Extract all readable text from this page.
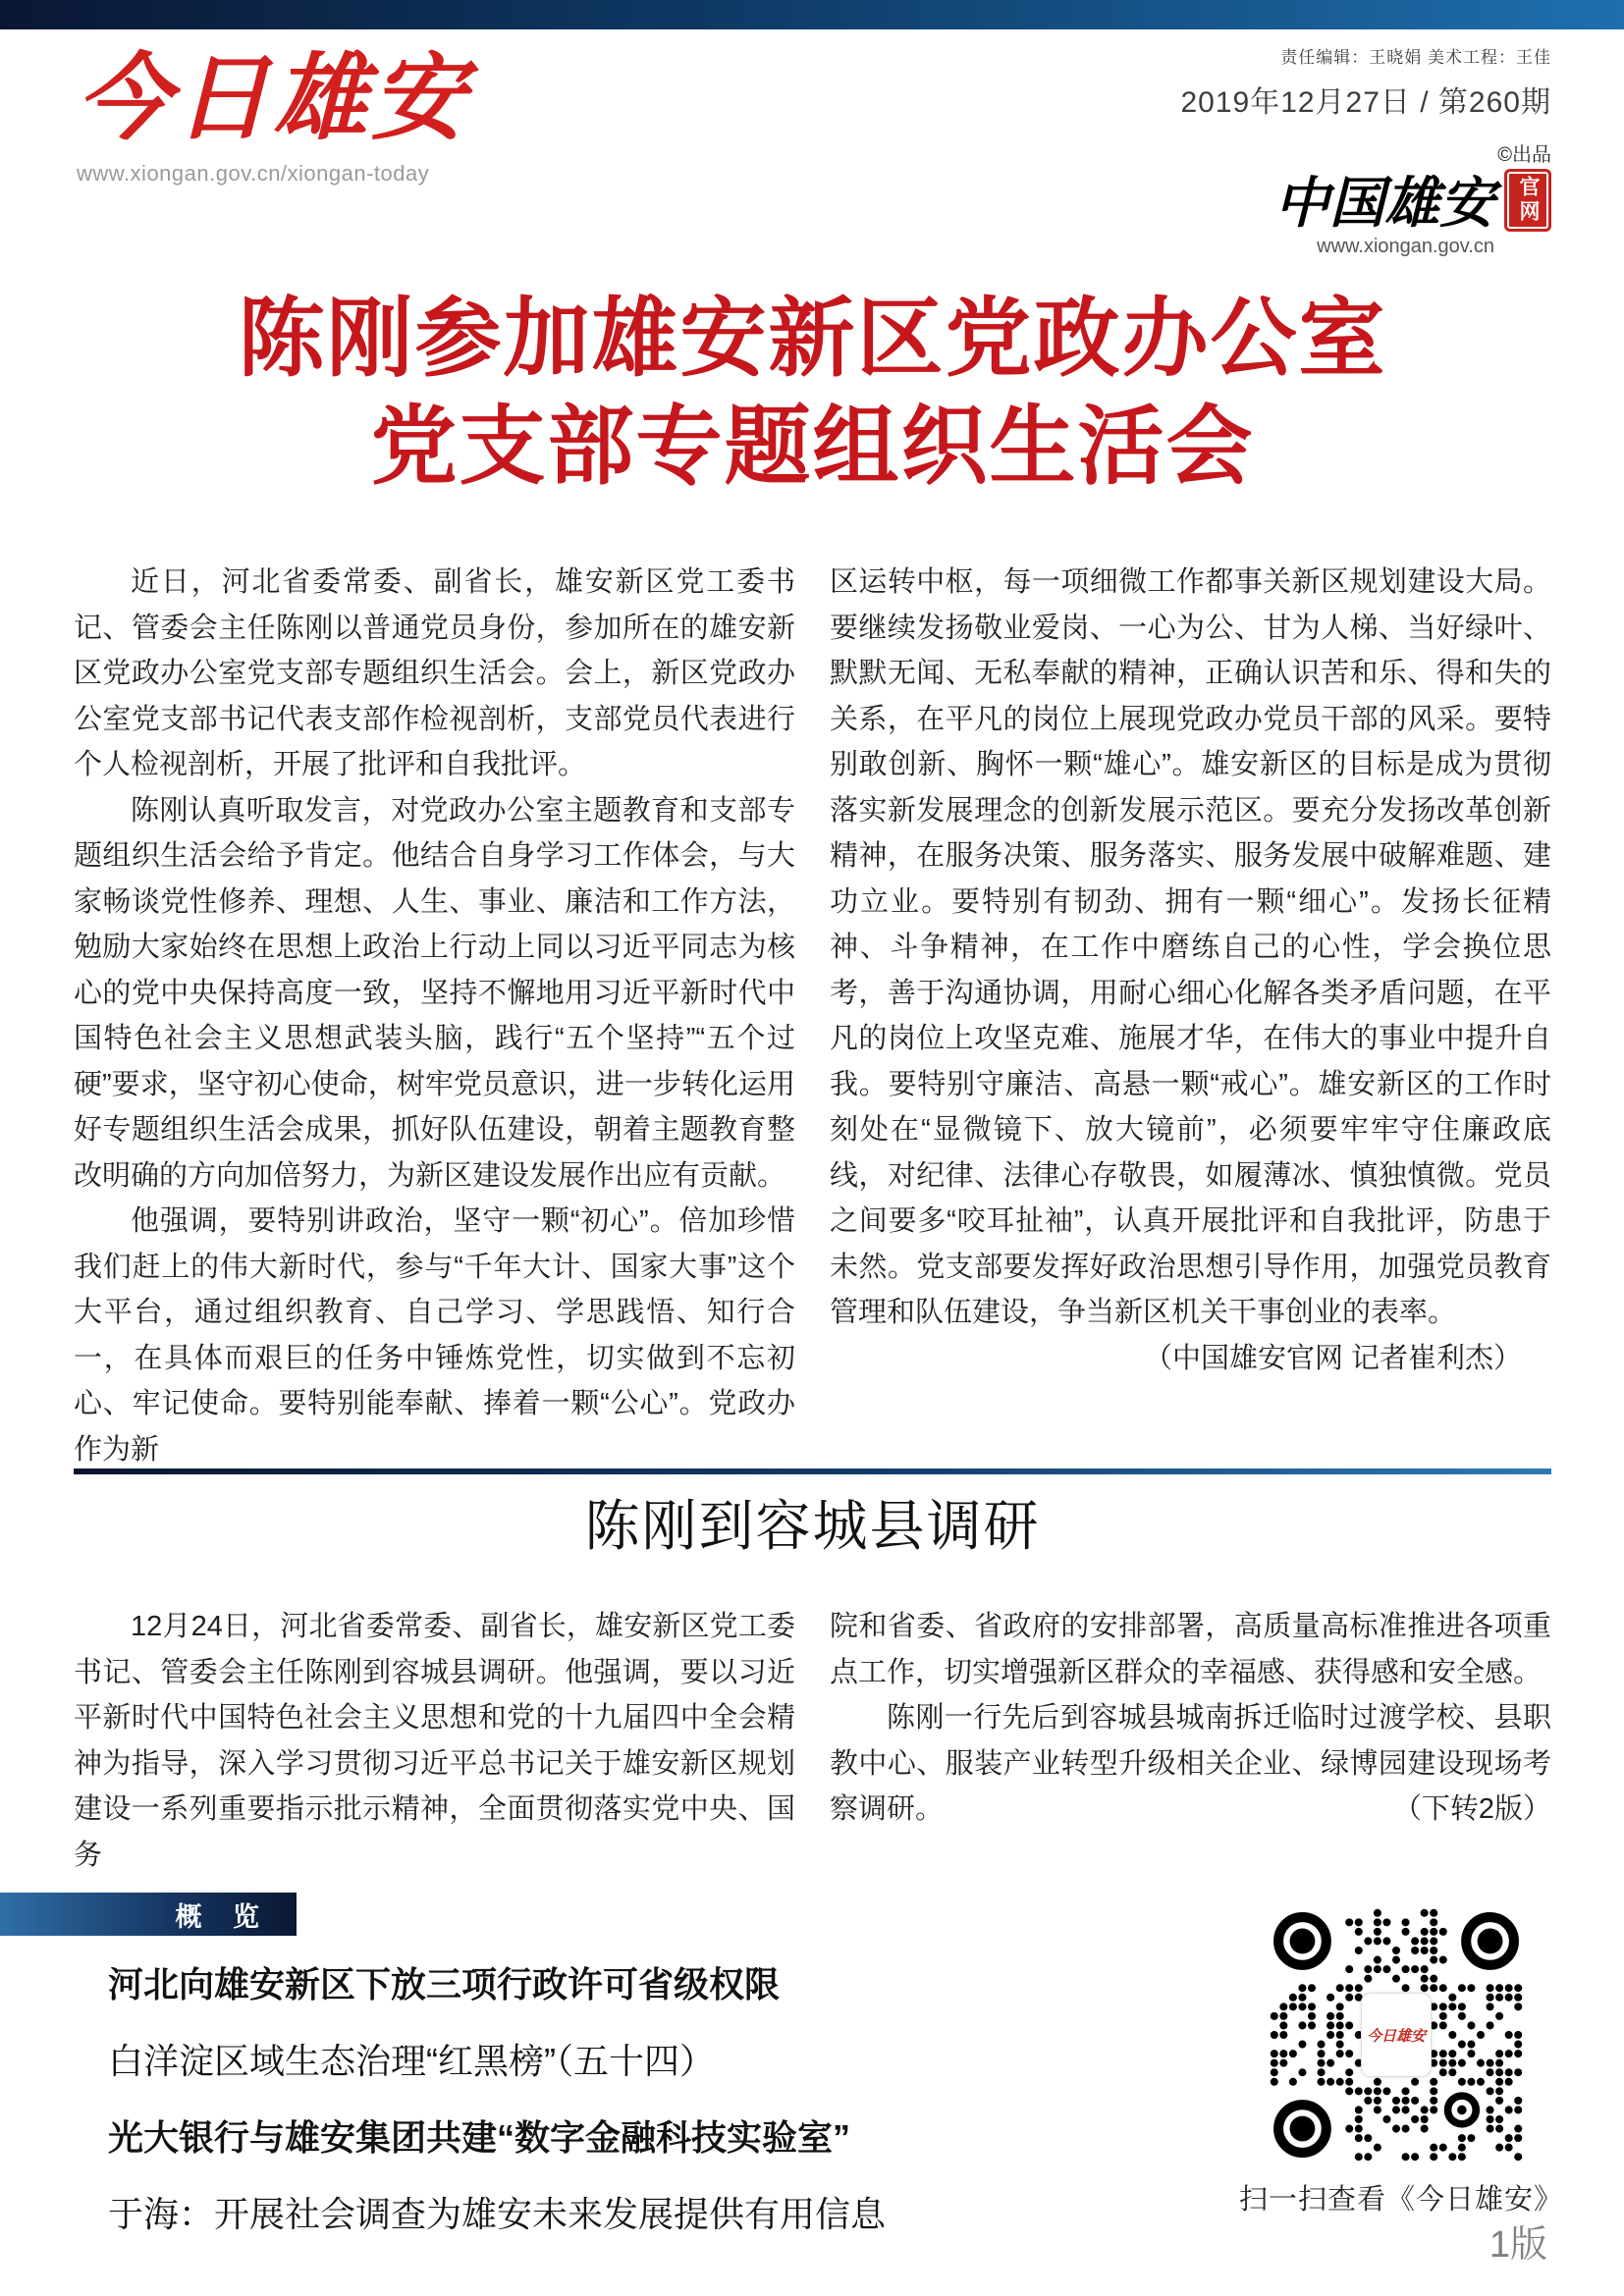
今日雄安
www.xiongan.gov.cn/xiongan-today
责任编辑：王晓娟 美术工程：王佳
2019年12月27日 / 第260期
©出品
中国雄安	官网
www.xiongan.gov.cn
陈刚参加雄安新区党政办公室
党支部专题组织生活会

近日，河北省委常委、副省长，雄安新区党工委书记、管委会主任陈刚以普通党员身份，参加所在的雄安新区党政办公室党支部专题组织生活会。会上，新区党政办公室党支部书记代表支部作检视剖析，支部党员代表进行个人检视剖析，开展了批评和自我批评。

陈刚认真听取发言，对党政办公室主题教育和支部专题组织生活会给予肯定。他结合自身学习工作体会，与大家畅谈党性修养、理想、人生、事业、廉洁和工作方法，勉励大家始终在思想上政治上行动上同以习近平同志为核心的党中央保持高度一致，坚持不懈地用习近平新时代中国特色社会主义思想武装头脑，践行“五个坚持”“五个过硬”要求，坚守初心使命，树牢党员意识，进一步转化运用好专题组织生活会成果，抓好队伍建设，朝着主题教育整改明确的方向加倍努力，为新区建设发展作出应有贡献。

他强调，要特别讲政治，坚守一颗“初心”。倍加珍惜我们赶上的伟大新时代，参与“千年大计、国家大事”这个大平台，通过组织教育、自己学习、学思践悟、知行合一，在具体而艰巨的任务中锤炼党性，切实做到不忘初心、牢记使命。要特别能奉献、捧着一颗“公心”。党政办作为新

区运转中枢，每一项细微工作都事关新区规划建设大局。要继续发扬敬业爱岗、一心为公、甘为人梯、当好绿叶、默默无闻、无私奉献的精神，正确认识苦和乐、得和失的关系，在平凡的岗位上展现党政办党员干部的风采。要特别敢创新、胸怀一颗“雄心”。雄安新区的目标是成为贯彻落实新发展理念的创新发展示范区。要充分发扬改革创新精神，在服务决策、服务落实、服务发展中破解难题、建功立业。要特别有韧劲、拥有一颗“细心”。发扬长征精神、斗争精神，在工作中磨练自己的心性，学会换位思考，善于沟通协调，用耐心细心化解各类矛盾问题，在平凡的岗位上攻坚克难、施展才华，在伟大的事业中提升自我。要特别守廉洁、高悬一颗“戒心”。雄安新区的工作时刻处在“显微镜下、放大镜前”，必须要牢牢守住廉政底线，对纪律、法律心存敬畏，如履薄冰、慎独慎微。党员之间要多“咬耳扯袖”，认真开展批评和自我批评，防患于未然。党支部要发挥好政治思想引导作用，加强党员教育管理和队伍建设，争当新区机关干事创业的表率。

（中国雄安官网 记者崔利杰）

陈刚到容城县调研

12月24日，河北省委常委、副省长，雄安新区党工委书记、管委会主任陈刚到容城县调研。他强调，要以习近平新时代中国特色社会主义思想和党的十九届四中全会精神为指导，深入学习贯彻习近平总书记关于雄安新区规划建设一系列重要指示批示精神，全面贯彻落实党中央、国务

院和省委、省政府的安排部署，高质量高标准推进各项重点工作，切实增强新区群众的幸福感、获得感和安全感。

陈刚一行先后到容城县城南拆迁临时过渡学校、县职教中心、服装产业转型升级相关企业、绿博园建设现场考察调研。	（下转2版）

概 览
河北向雄安新区下放三项行政许可省级权限
白洋淀区域生态治理“红黑榜”（五十四）
光大银行与雄安集团共建“数字金融科技实验室”
于海：开展社会调查为雄安未来发展提供有用信息
今日雄安
扫一扫查看《今日雄安》
1版
